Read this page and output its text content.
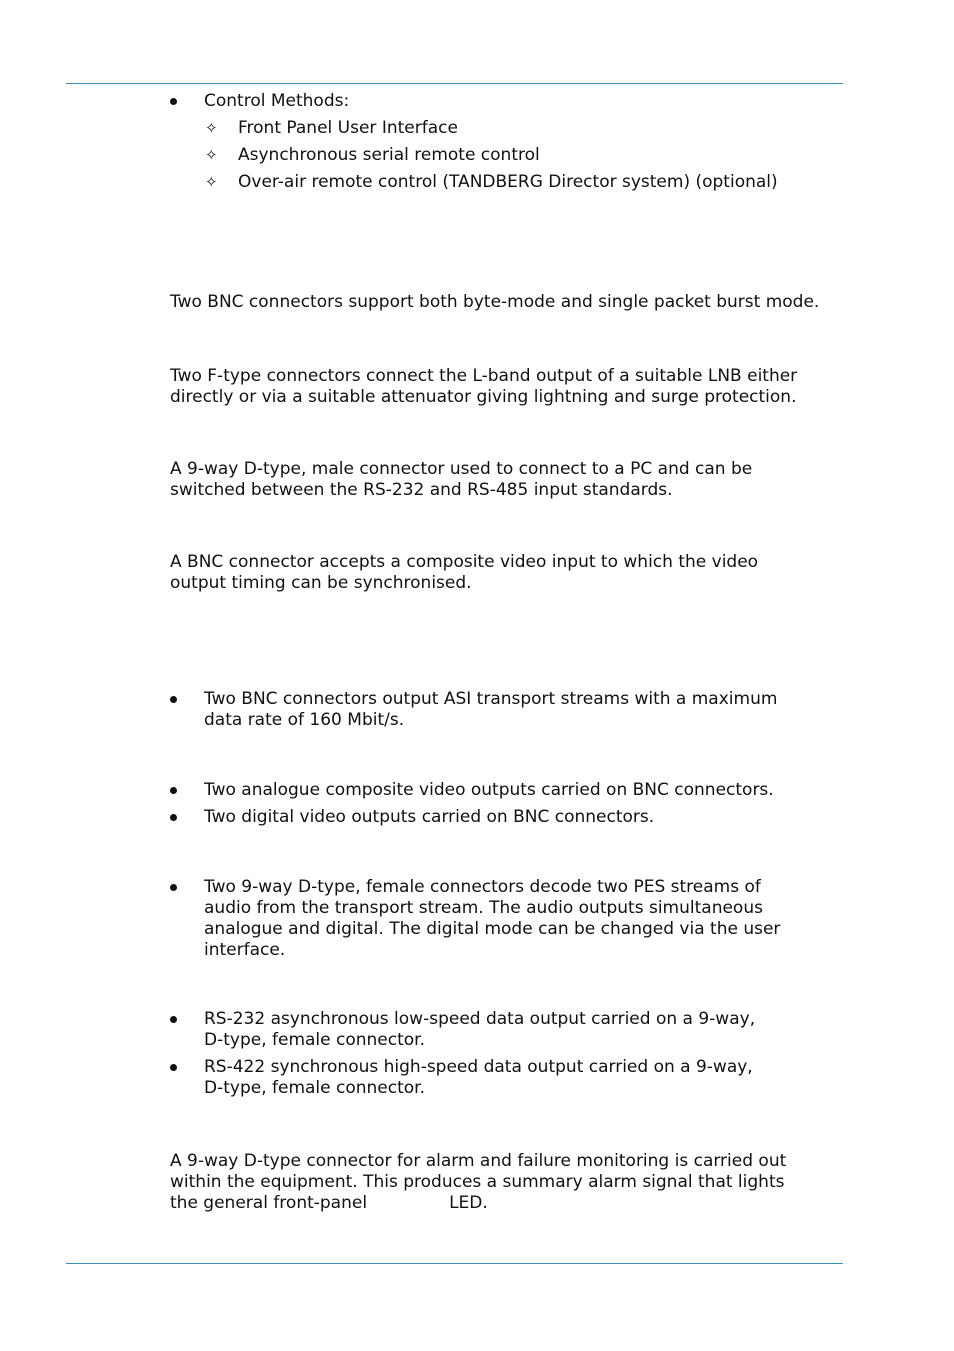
Control Methods:
✧ Front Panel User Interface
✧ Asynchronous serial remote control
✧ Over-air remote control (TANDBERG Director system) (optional)

Two BNC connectors support both byte-mode and single packet burst mode.

Two F-type connectors connect the L-band output of a suitable LNB either
directly or via a suitable attenuator giving lightning and surge protection.
A 9-way D-type, male connector used to connect to a PC and can be
switched between the RS-232 and RS-485 input standards.
A BNC connector accepts a composite video input to which the video
output timing can be synchronised.
Two BNC connectors output ASI transport streams with a maximum
data rate of 160 Mbit/s.
Two analogue composite video outputs carried on BNC connectors.
Two digital video outputs carried on BNC connectors.
Two 9-way D-type, female connectors decode two PES streams of
audio from the transport stream. The audio outputs simultaneous
analogue and digital. The digital mode can be changed via the user
interface.
RS-232 asynchronous low-speed data output carried on a 9-way,
D-type, female connector.
RS-422 synchronous high-speed data output carried on a 9-way,
D-type, female connector.
A 9-way D-type connector for alarm and failure monitoring is carried out
within the equipment. This produces a summary alarm signal that lights
the general front-panel	LED.
